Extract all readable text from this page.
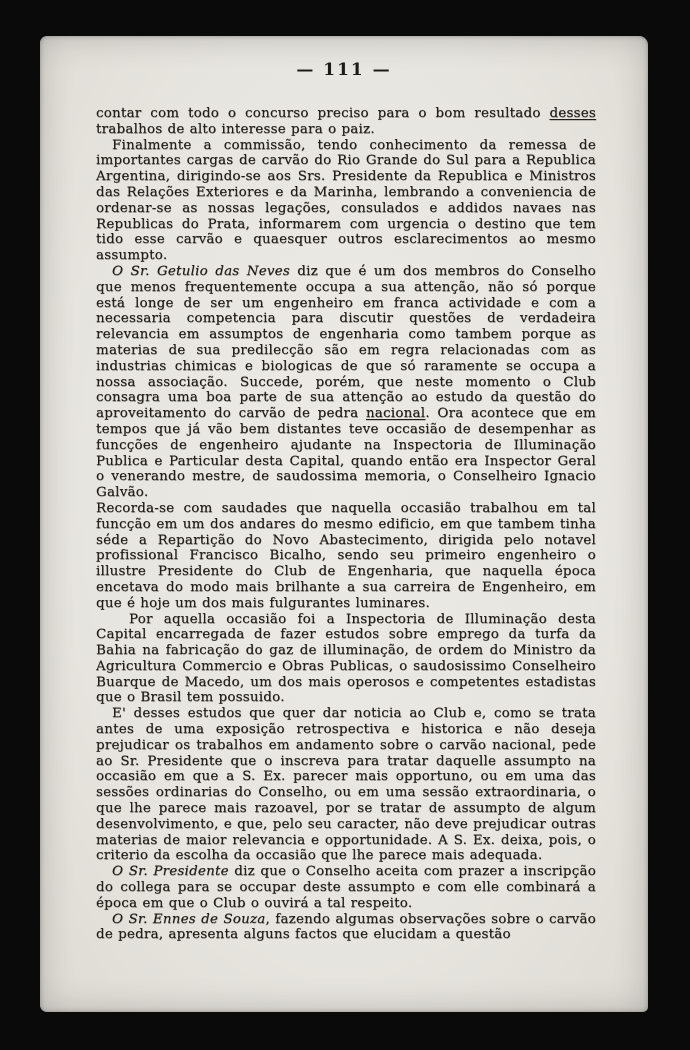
— 111 —

contar com todo o concurso preciso para o bom resultado desses trabalhos de alto interesse para o paiz.

Finalmente a commissão, tendo conhecimento da remessa de importantes cargas de carvão do Rio Grande do Sul para a Republica Argentina, dirigindo-se aos Srs. Presidente da Republica e Ministros das Relações Exteriores e da Marinha, lembrando a conveniencia de ordenar-se as nossas legações, consulados e addidos navaes nas Republicas do Prata, informarem com urgencia o destino que tem tido esse carvão e quaesquer outros esclarecimentos ao mesmo assumpto.

O Sr. Getulio das Neves diz que é um dos membros do Conselho que menos frequentemente occupa a sua attenção, não só porque está longe de ser um engenheiro em franca actividade e com a necessaria competencia para discutir questões de verdadeira relevancia em assumptos de engenharia como tambem porque as materias de sua predilecção são em regra relacionadas com as industrias chimicas e biologicas de que só raramente se occupa a nossa associação. Succede, porém, que neste momento o Club consagra uma boa parte de sua attenção ao estudo da questão do aproveitamento do carvão de pedra nacional. Ora acontece que em tempos que já vão bem distantes teve occasião de desempenhar as funcções de engenheiro ajudante na Inspectoria de Illuminação Publica e Particular desta Capital, quando então era Inspector Geral o venerando mestre, de saudossima memoria, o Conselheiro Ignacio Galvão.

Recorda-se com saudades que naquella occasião trabalhou em tal funcção em um dos andares do mesmo edificio, em que tambem tinha séde a Repartição do Novo Abastecimento, dirigida pelo notavel profissional Francisco Bicalho, sendo seu primeiro engenheiro o illustre Presidente do Club de Engenharia, que naquella época encetava do modo mais brilhante a sua carreira de Engenheiro, em que é hoje um dos mais fulgurantes luminares.

Por aquella occasião foi a Inspectoria de Illuminação desta Capital encarregada de fazer estudos sobre emprego da turfa da Bahia na fabricação do gaz de illuminação, de ordem do Ministro da Agricultura Commercio e Obras Publicas, o saudosissimo Conselheiro Buarque de Macedo, um dos mais operosos e competentes estadistas que o Brasil tem possuido.

E' desses estudos que quer dar noticia ao Club e, como se trata antes de uma exposição retrospectiva e historica e não deseja prejudicar os trabalhos em andamento sobre o carvão nacional, pede ao Sr. Presidente que o inscreva para tratar daquelle assumpto na occasião em que a S. Ex. parecer mais opportuno, ou em uma das sessões ordinarias do Conselho, ou em uma sessão extraordinaria, o que lhe parece mais razoavel, por se tratar de assumpto de algum desenvolvimento, e que, pelo seu caracter, não deve prejudicar outras materias de maior relevancia e opportunidade. A S. Ex. deixa, pois, o criterio da escolha da occasião que lhe parece mais adequada.

O Sr. Presidente diz que o Conselho aceita com prazer a inscripção do collega para se occupar deste assumpto e com elle combinará a época em que o Club o ouvirá a tal respeito.

O Sr. Ennes de Souza, fazendo algumas observações sobre o carvão de pedra, apresenta alguns factos que elucidam a questão
